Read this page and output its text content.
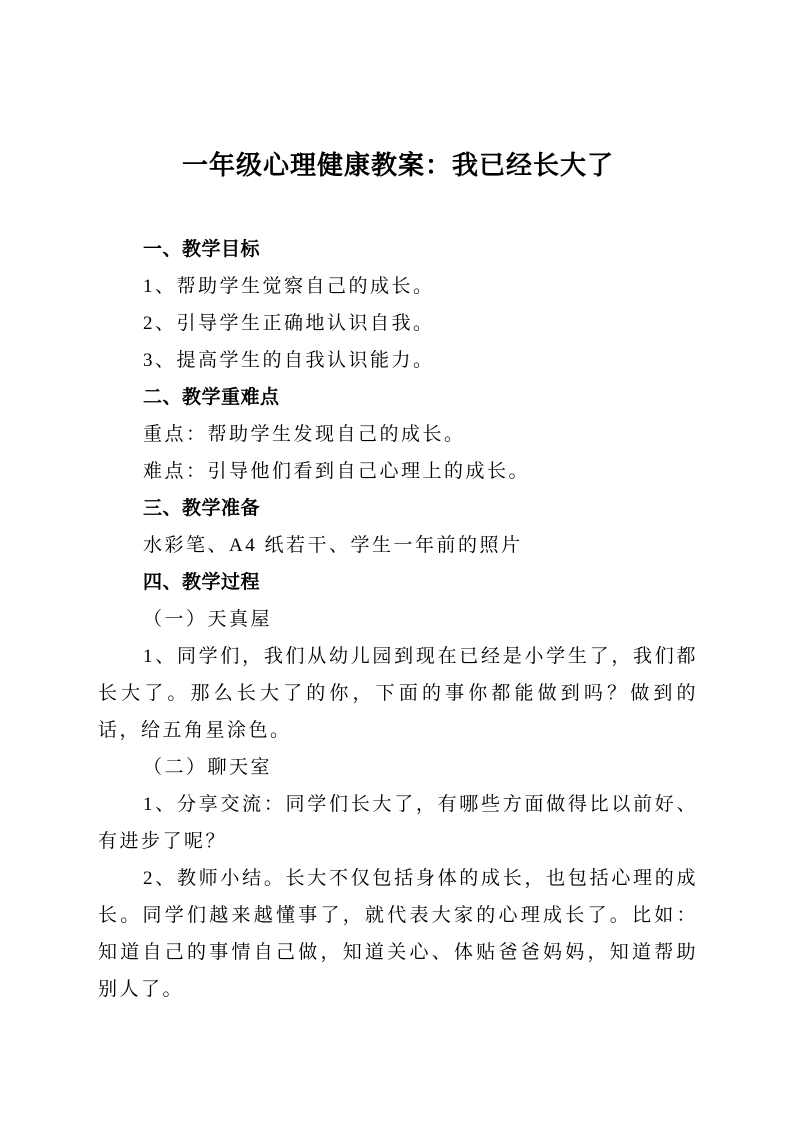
一年级心理健康教案：我已经长大了

一、教学目标

1、帮助学生觉察自己的成长。

2、引导学生正确地认识自我。

3、提高学生的自我认识能力。

二、教学重难点

重点：帮助学生发现自己的成长。

难点：引导他们看到自己心理上的成长。

三、教学准备

水彩笔、A4 纸若干、学生一年前的照片

四、教学过程

（一）天真屋

1、同学们，我们从幼儿园到现在已经是小学生了，我们都长大了。那么长大了的你，下面的事你都能做到吗？做到的话，给五角星涂色。

（二）聊天室

1、分享交流：同学们长大了，有哪些方面做得比以前好、有进步了呢？

2、教师小结。长大不仅包括身体的成长，也包括心理的成长。同学们越来越懂事了，就代表大家的心理成长了。比如：知道自己的事情自己做，知道关心、体贴爸爸妈妈，知道帮助别人了。
